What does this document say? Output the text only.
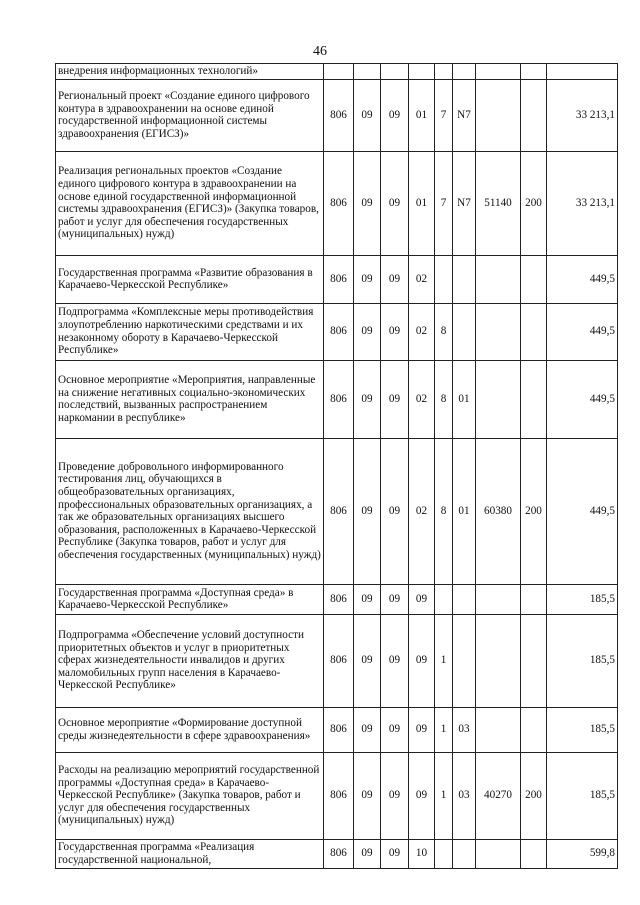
46
внедрения информационных технологий»									
Региональный проект «Создание единого цифрового контура в здравоохранении на основе единой государственной информационной системы здравоохранения (ЕГИСЗ)»	806	09	09	01	7	N7			33 213,1
Реализация региональных проектов «Создание единого цифрового контура в здравоохранении на основе единой государственной информационной системы здравоохранения (ЕГИСЗ)» (Закупка товаров, работ и услуг для обеспечения государственных (муниципальных) нужд)	806	09	09	01	7	N7	51140	200	33 213,1
Государственная программа «Развитие образования в Карачаево-Черкесской Республике»	806	09	09	02					449,5
Подпрограмма «Комплексные меры противодействия злоупотреблению наркотическими средствами и их незаконному обороту в Карачаево-Черкесской Республике»	806	09	09	02	8				449,5
Основное мероприятие «Мероприятия, направленные на снижение негативных социально-экономических последствий, вызванных распространением наркомании в республике»	806	09	09	02	8	01			449,5
Проведение добровольного информированного тестирования лиц, обучающихся в общеобразовательных организациях, профессиональных образовательных организациях, а так же образовательных организациях высшего образования, расположенных в Карачаево-Черкесской Республике (Закупка товаров, работ и услуг для обеспечения государственных (муниципальных) нужд)	806	09	09	02	8	01	60380	200	449,5
Государственная программа «Доступная среда» в Карачаево-Черкесской Республике»	806	09	09	09					185,5
Подпрограмма «Обеспечение условий доступности приоритетных объектов и услуг в приоритетных сферах жизнедеятельности инвалидов и других маломобильных групп населения в Карачаево-Черкесской Республике»	806	09	09	09	1				185,5
Основное мероприятие «Формирование доступной среды жизнедеятельности в сфере здравоохранения»	806	09	09	09	1	03			185,5
Расходы на реализацию мероприятий государственной программы «Доступная среда» в Карачаево-Черкесской Республике» (Закупка товаров, работ и услуг для обеспечения государственных (муниципальных) нужд)	806	09	09	09	1	03	40270	200	185,5
Государственная программа «Реализация государственной национальной,	806	09	09	10					599,8
